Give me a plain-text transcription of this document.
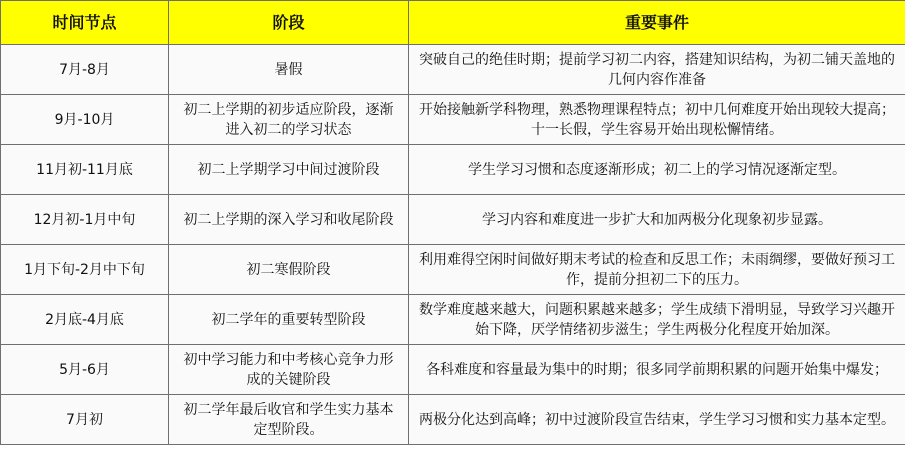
时间节点	阶段	重要事件
7月-8月	暑假	突破自己的绝佳时期；提前学习初二内容，搭建知识结构，为初二铺天盖地的几何内容作准备
9月-10月	初二上学期的初步适应阶段，逐渐进入初二的学习状态	开始接触新学科物理，熟悉物理课程特点；初中几何难度开始出现较大提高；十一长假，学生容易开始出现松懈情绪。
11月初-11月底	初二上学期学习中间过渡阶段	学生学习习惯和态度逐渐形成；初二上的学习情况逐渐定型。
12月初-1月中旬	初二上学期的深入学习和收尾阶段	学习内容和难度进一步扩大和加两极分化现象初步显露。
1月下旬-2月中下旬	初二寒假阶段	利用难得空闲时间做好期末考试的检查和反思工作；未雨绸缪，要做好预习工作，提前分担初二下的压力。
2月底-4月底	初二学年的重要转型阶段	数学难度越来越大，问题积累越来越多；学生成绩下滑明显，导致学习兴趣开始下降，厌学情绪初步滋生；学生两极分化程度开始加深。
5月-6月	初中学习能力和中考核心竞争力形成的关键阶段	各科难度和容量最为集中的时期；很多同学前期积累的问题开始集中爆发；
7月初	初二学年最后收官和学生实力基本定型阶段。	两极分化达到高峰；初中过渡阶段宣告结束，学生学习习惯和实力基本定型。
